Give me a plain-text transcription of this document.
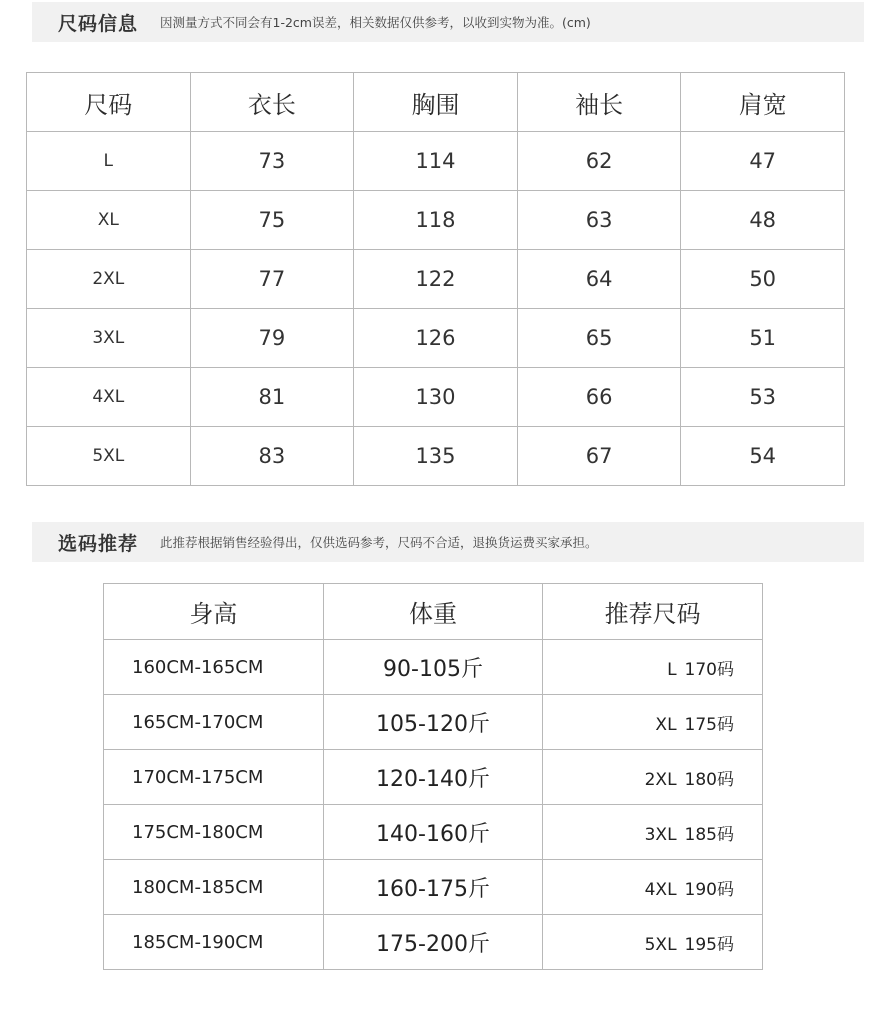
尺码信息 因测量方式不同会有1-2cm误差，相关数据仅供参考，以收到实物为准。(cm)
尺码	衣长	胸围	袖长	肩宽
L	73	114	62	47
XL	75	118	63	48
2XL	77	122	64	50
3XL	79	126	65	51
4XL	81	130	66	53
5XL	83	135	67	54
选码推荐 此推荐根据销售经验得出，仅供选码参考，尺码不合适，退换货运费买家承担。
身高	体重	推荐尺码
160CM-165CM	90-105斤	L 170码
165CM-170CM	105-120斤	XL 175码
170CM-175CM	120-140斤	2XL 180码
175CM-180CM	140-160斤	3XL 185码
180CM-185CM	160-175斤	4XL 190码
185CM-190CM	175-200斤	5XL 195码
